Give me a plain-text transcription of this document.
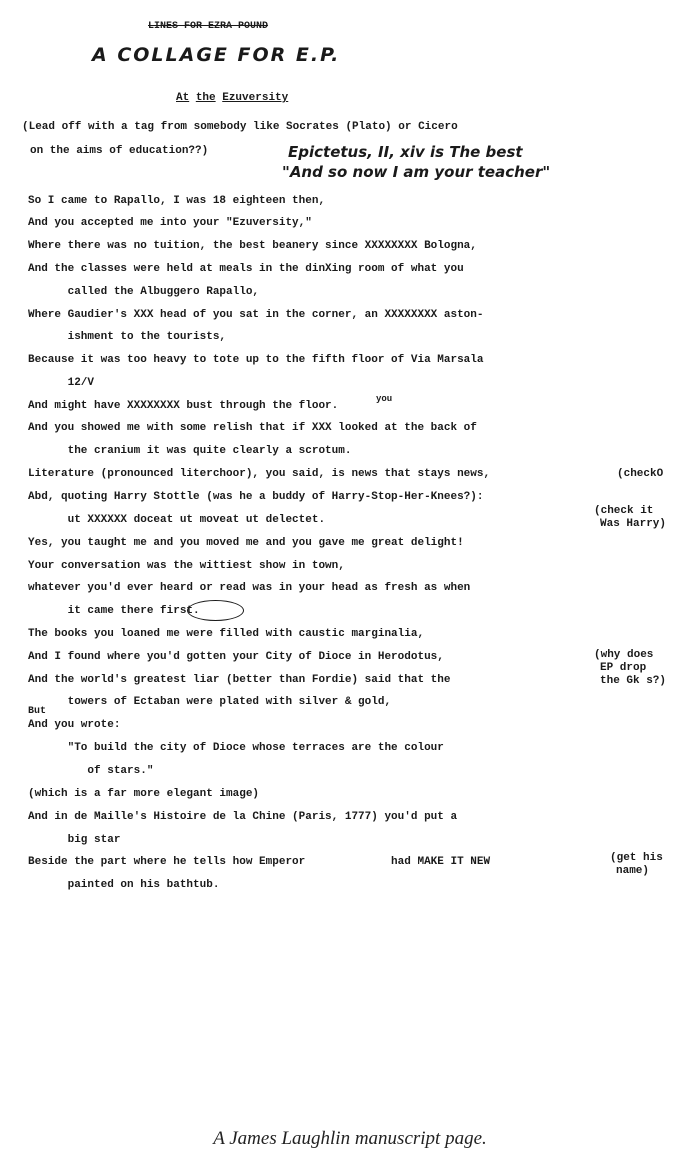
LINES FOR EZRA POUND
A COLLAGE FOR E.P.
At the Ezuversity
Epictetus, II, xiv is The best
"And so now I am your teacher"
(Lead off with a tag from somebody like Socrates (Plato) or Cicero
on the aims of education??)
So I came to Rapallo, I was 18 eighteen then,
And you accepted me into your "Ezuversity,"
Where there was no tuition, the best beanery since XXXXXXXX Bologna,
And the classes were held at meals in the dinXing room of what you
called the Albuggero Rapallo,
Where Gaudier's XXX head of you sat in the corner, an XXXXXXXX aston-
ishment to the tourists,
Because it was too heavy to tote up to the fifth floor of Via Marsala
12/V
And might have XXXXXXXX bust through the floor.
you
And you showed me with some relish that if XXX looked at the back of
the cranium it was quite clearly a scrotum.
Literature (pronounced literchoor), you said, is news that stays news,	(checkO
Abd, quoting Harry Stottle (was he a buddy of Harry-Stop-Her-Knees?):
ut XXXXXX doceat ut moveat ut delectet.
(check it
Was Harry)
Yes, you taught me and you moved me and you gave me great delight!
Your conversation was the wittiest show in town,
whatever you'd ever heard or read was in your head as fresh as when
it came there first.
The books you loaned me were filled with caustic marginalia,
And I found where you'd gotten your City of Dioce in Herodotus,
And the world's greatest liar (better than Fordie) said that the
(why does
EP drop
the Gk s?)
towers of Ectaban were plated with silver & gold,
But
And you wrote:
"To build the city of Dioce whose terraces are the colour
of stars."
(which is a far more elegant image)
And in de Maille's Histoire de la Chine (Paris, 1777) you'd put a
big star
Beside the part where he tells how Emperor             had MAKE IT NEW	(get his
name)
painted on his bathtub.
A James Laughlin manuscript page.
